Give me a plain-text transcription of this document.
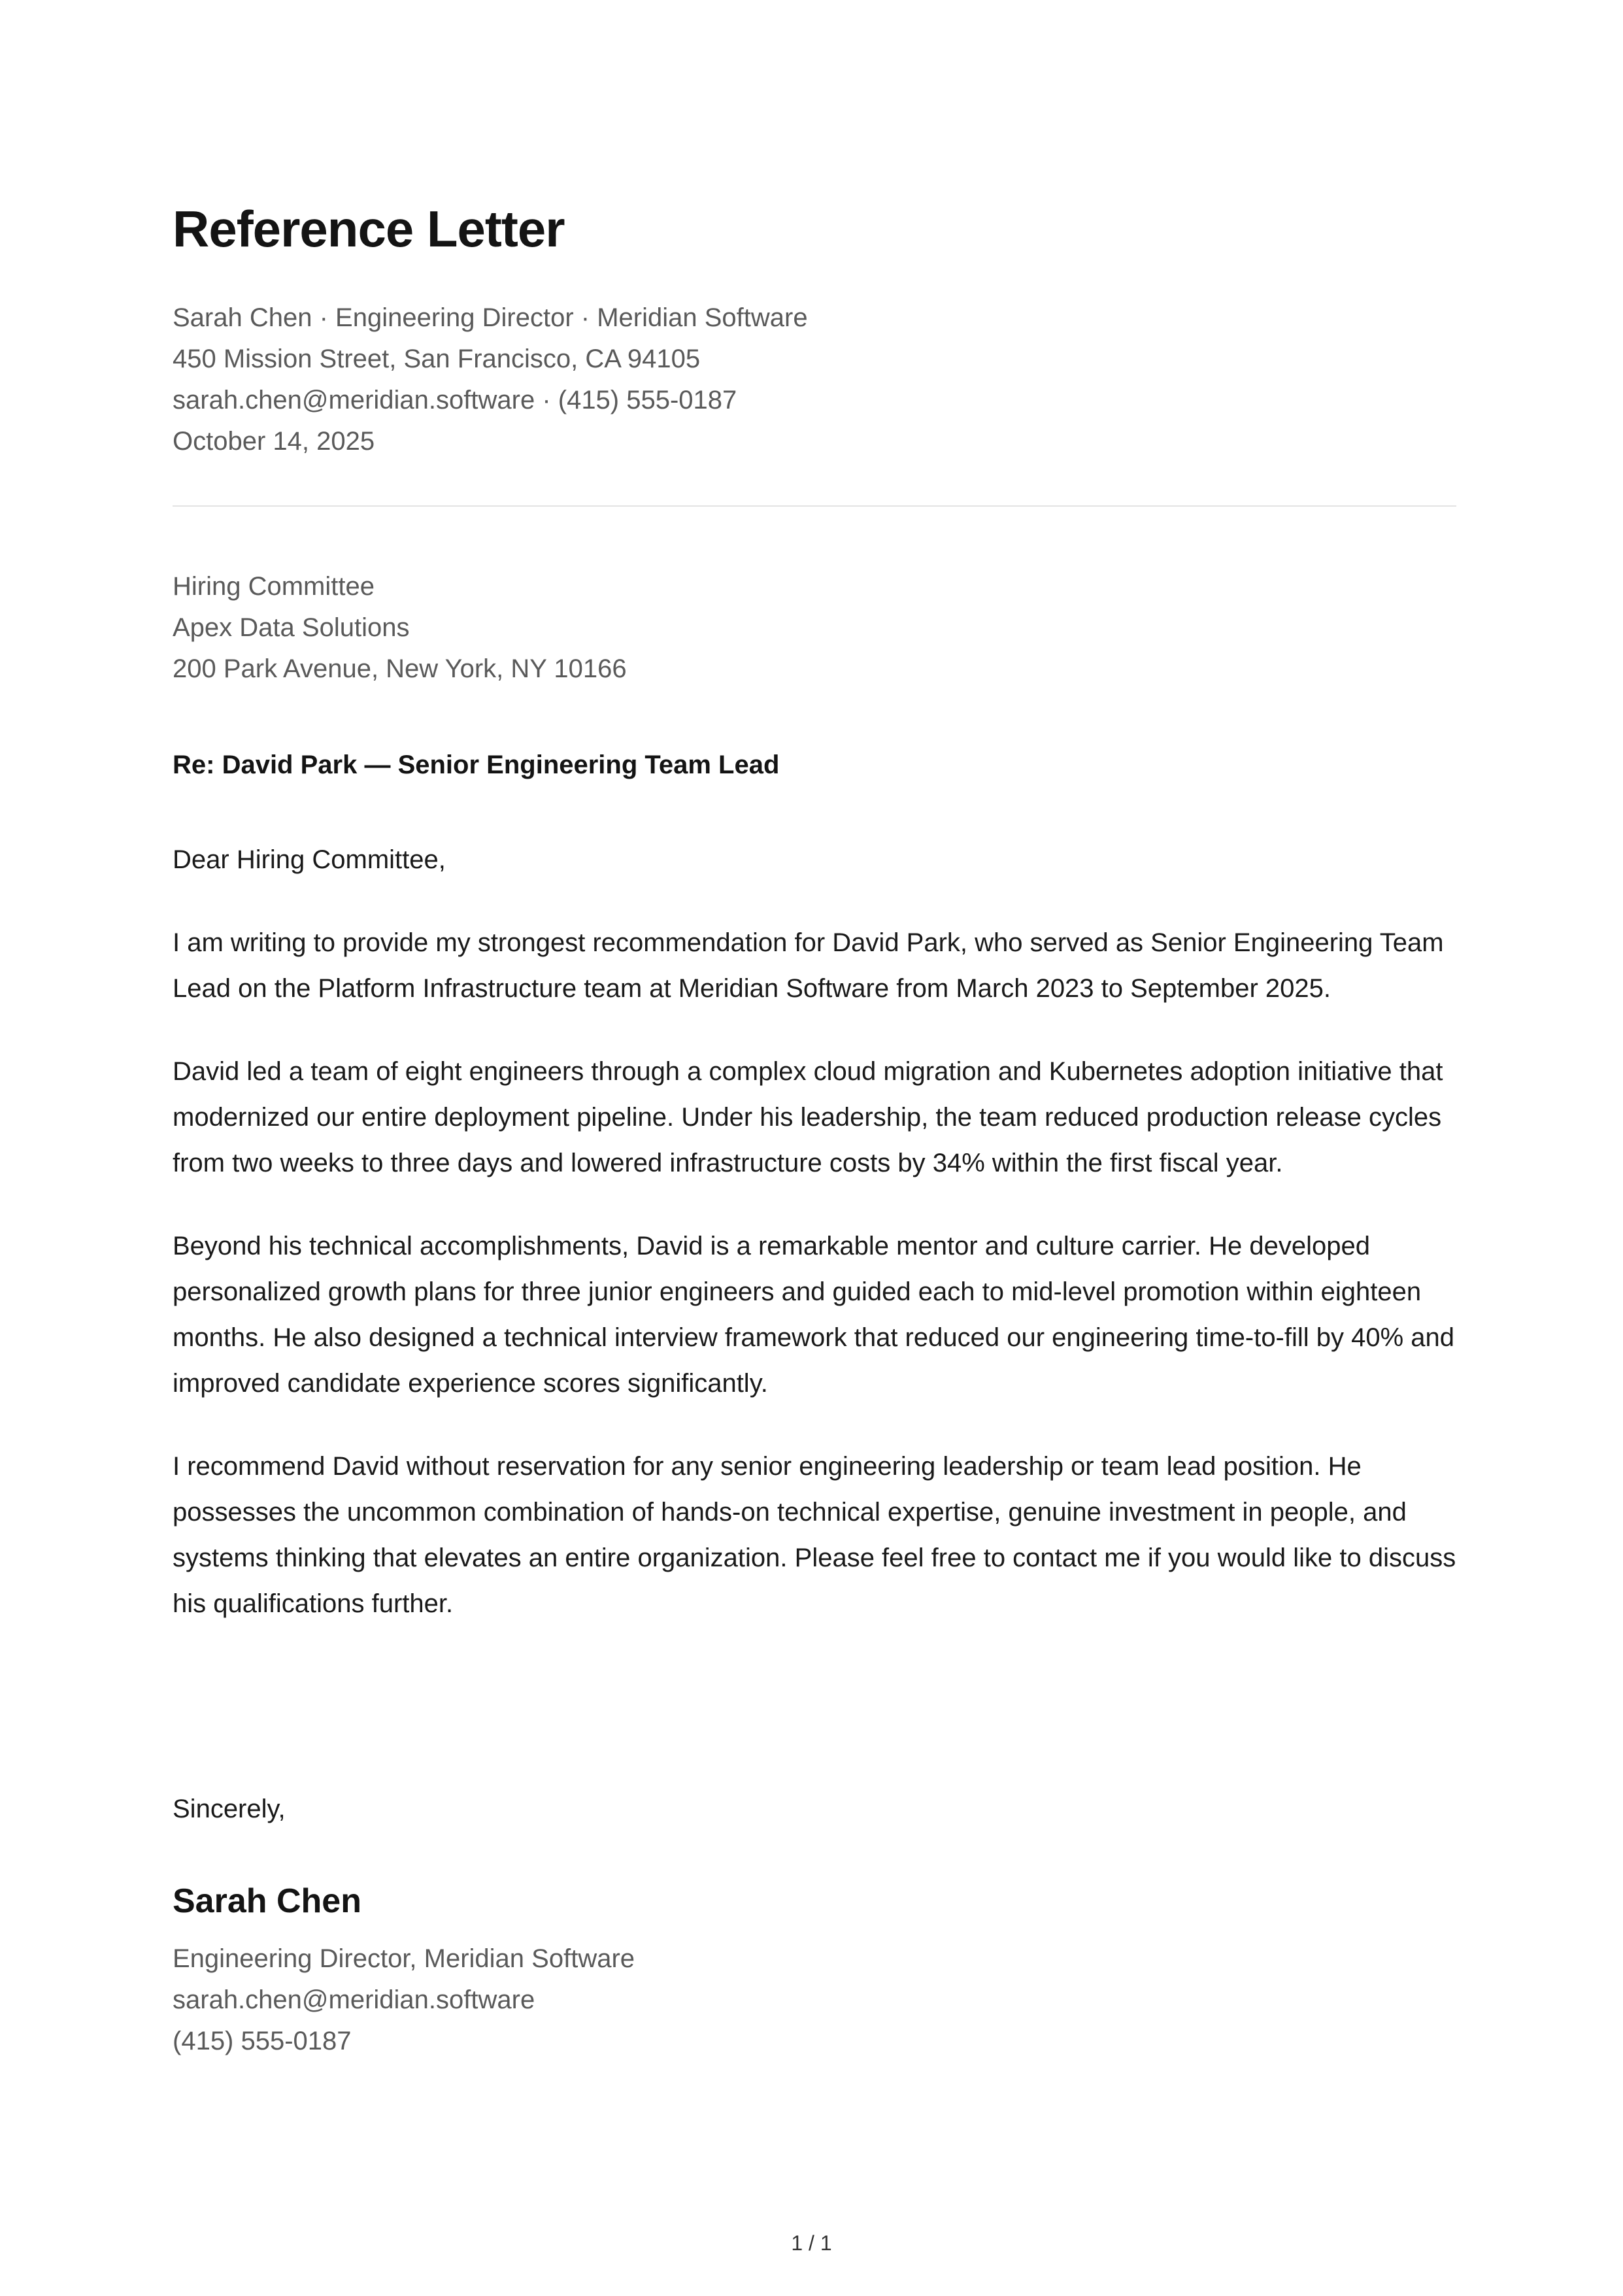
Reference Letter
Sarah Chen · Engineering Director · Meridian Software
450 Mission Street, San Francisco, CA 94105
sarah.chen@meridian.software · (415) 555-0187
October 14, 2025
Hiring Committee
Apex Data Solutions
200 Park Avenue, New York, NY 10166
Re: David Park — Senior Engineering Team Lead

Dear Hiring Committee,

I am writing to provide my strongest recommendation for David Park, who served as Senior Engineering Team Lead on the Platform Infrastructure team at Meridian Software from March 2023 to September 2025.

David led a team of eight engineers through a complex cloud migration and Kubernetes adoption initiative that modernized our entire deployment pipeline. Under his leadership, the team reduced production release cycles from two weeks to three days and lowered infrastructure costs by 34% within the first fiscal year.

Beyond his technical accomplishments, David is a remarkable mentor and culture carrier. He developed personalized growth plans for three junior engineers and guided each to mid-level promotion within eighteen months. He also designed a technical interview framework that reduced our engineering time-to-fill by 40% and improved candidate experience scores significantly.

I recommend David without reservation for any senior engineering leadership or team lead position. He possesses the uncommon combination of hands-on technical expertise, genuine investment in people, and systems thinking that elevates an entire organization. Please feel free to contact me if you would like to discuss his qualifications further.

Sincerely,
Sarah Chen
Engineering Director, Meridian Software
sarah.chen@meridian.software
(415) 555-0187
1 / 1
